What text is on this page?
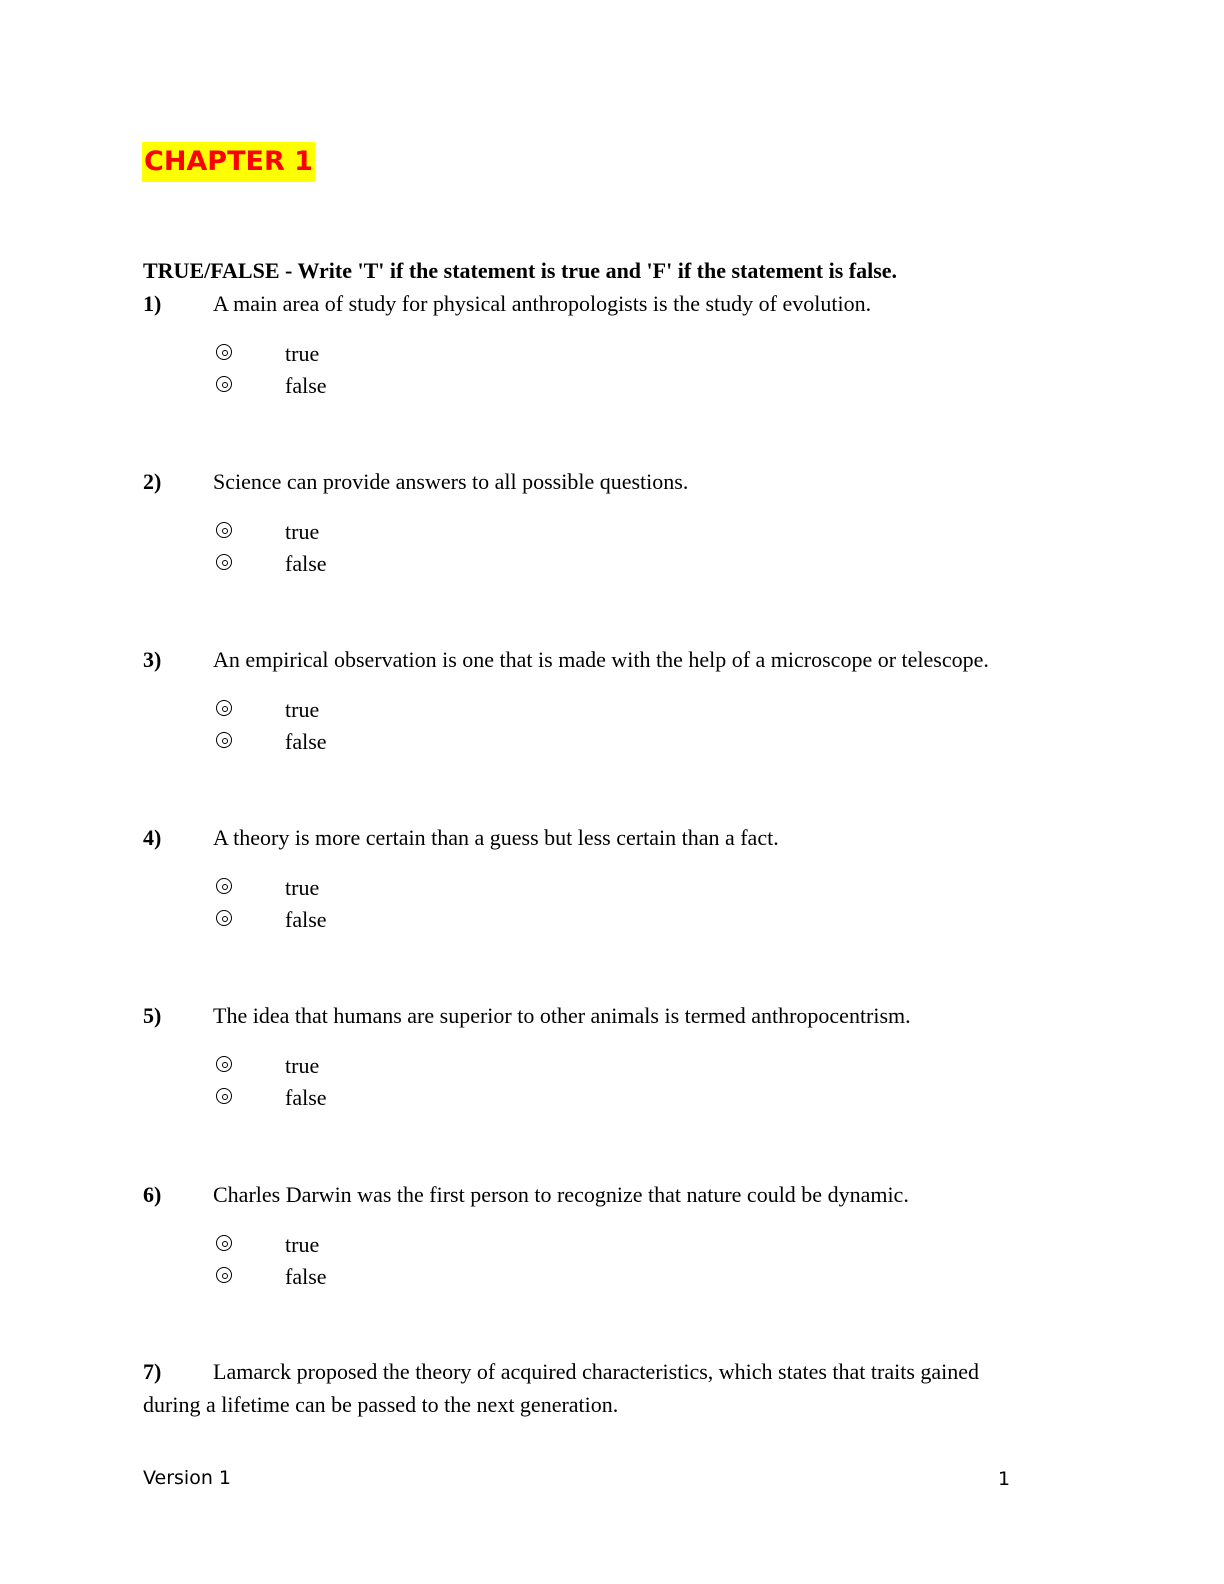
CHAPTER 1
TRUE/FALSE - Write 'T' if the statement is true and 'F' if the statement is false.
1) A main area of study for physical anthropologists is the study of evolution.
true
false
2) Science can provide answers to all possible questions.
true
false
3) An empirical observation is one that is made with the help of a microscope or telescope.
true
false
4) A theory is more certain than a guess but less certain than a fact.
true
false
5) The idea that humans are superior to other animals is termed anthropocentrism.
true
false
6) Charles Darwin was the first person to recognize that nature could be dynamic.
true
false
7) Lamarck proposed the theory of acquired characteristics, which states that traits gained
during a lifetime can be passed to the next generation.
Version 1	1
